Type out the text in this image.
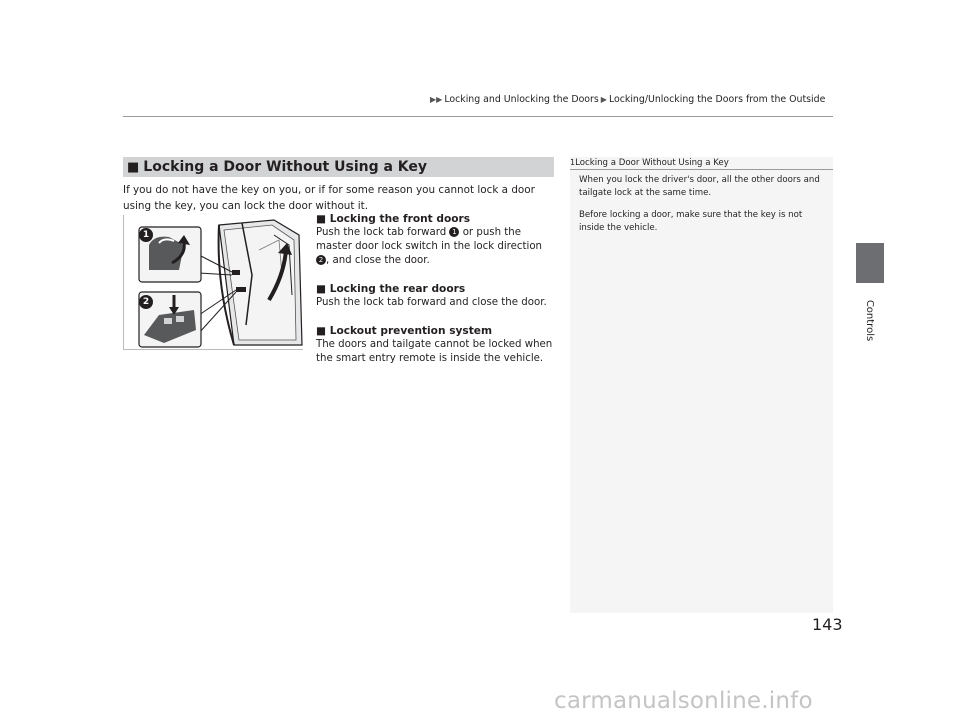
▶▶ Locking and Unlocking the Doors ▶ Locking/Unlocking the Doors from the Outside
Controls
■ Locking a Door Without Using a Key
If you do not have the key on you, or if for some reason you cannot lock a door using the key, you can lock the door without it.
1
2
■ Locking the front doors
Push the lock tab forward 1 or push the master door lock switch in the lock direction
2 , and close the door.
■ Locking the rear doors
Push the lock tab forward and close the door.
■ Lockout prevention system
The doors and tailgate cannot be locked when the smart entry remote is inside the vehicle.
1Locking a Door Without Using a Key

When you lock the driver's door, all the other doors and tailgate lock at the same time.

Before locking a door, make sure that the key is not inside the vehicle.

143
carmanualsonline.info
